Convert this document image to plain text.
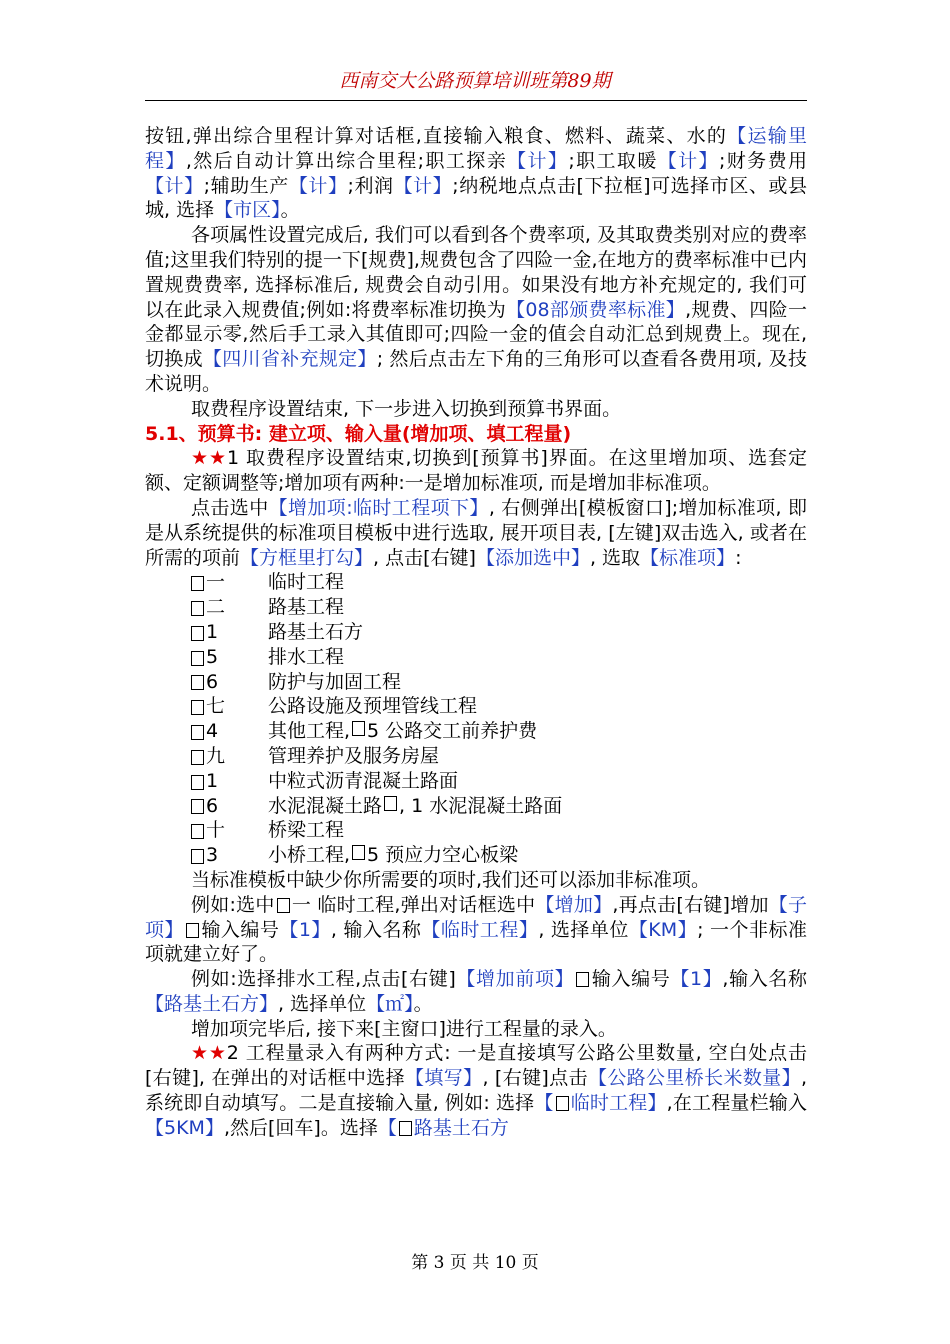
西南交大公路预算培训班第89期

按钮,弹出综合里程计算对话框,直接输入粮食、燃料、蔬菜、水的【运输里程】,然后自动计算出综合里程;职工探亲【计】;职工取暖【计】;财务费用【计】;辅助生产【计】;利润【计】;纳税地点点击[下拉框]可选择市区、或县城, 选择【市区】。

各项属性设置完成后, 我们可以看到各个费率项, 及其取费类别对应的费率值;这里我们特别的提一下[规费],规费包含了四险一金,在地方的费率标准中已内置规费费率, 选择标准后, 规费会自动引用。如果没有地方补充规定的, 我们可以在此录入规费值;例如:将费率标准切换为【08部颁费率标准】,规费、四险一金都显示零,然后手工录入其值即可;四险一金的值会自动汇总到规费上。现在, 切换成【四川省补充规定】; 然后点击左下角的三角形可以查看各费用项, 及技术说明。

取费程序设置结束, 下一步进入切换到预算书界面。

5.1、预算书: 建立项、输入量(增加项、填工程量)

★★1 取费程序设置结束,切换到[预算书]界面。在这里增加项、选套定额、定额调整等;增加项有两种:一是增加标准项, 而是增加非标准项。

点击选中【增加项:临时工程项下】, 右侧弹出[模板窗口];增加标准项, 即是从系统提供的标准项目模板中进行选取, 展开项目表, [左键]双击选入, 或者在所需的项前【方框里打勾】, 点击[右键]【添加选中】, 选取【标准项】:

一 临时工程
二 路基工程
1	路基土石方
5	排水工程
6	防护与加固工程
七 公路设施及预埋管线工程
4	其他工程, 5 公路交工前养护费
九 管理养护及服务房屋
1	中粒式沥青混凝土路面
6	水泥混凝土路 , 1 水泥混凝土路面
十 桥梁工程
3	小桥工程, 5 预应力空心板梁

当标准模板中缺少你所需要的项时,我们还可以添加非标准项。

例如:选中 一 临时工程,弹出对话框选中【增加】,再点击[右键]增加【子项】 输入编号【1】, 输入名称【临时工程】, 选择单位【KM】; 一个非标准项就建立好了。

例如:选择排水工程,点击[右键]【增加前项】 输入编号【1】,输入名称【路基土石方】, 选择单位【㎡】。

增加项完毕后, 接下来[主窗口]进行工程量的录入。

★★2 工程量录入有两种方式: 一是直接填写公路公里数量, 空白处点击[右键], 在弹出的对话框中选择【填写】, [右键]点击【公路公里桥长米数量】,系统即自动填写。二是直接输入量, 例如: 选择【 临时工程】,在工程量栏输入【5KM】,然后[回车]。选择【 路基土石方

第 3 页 共 10 页
